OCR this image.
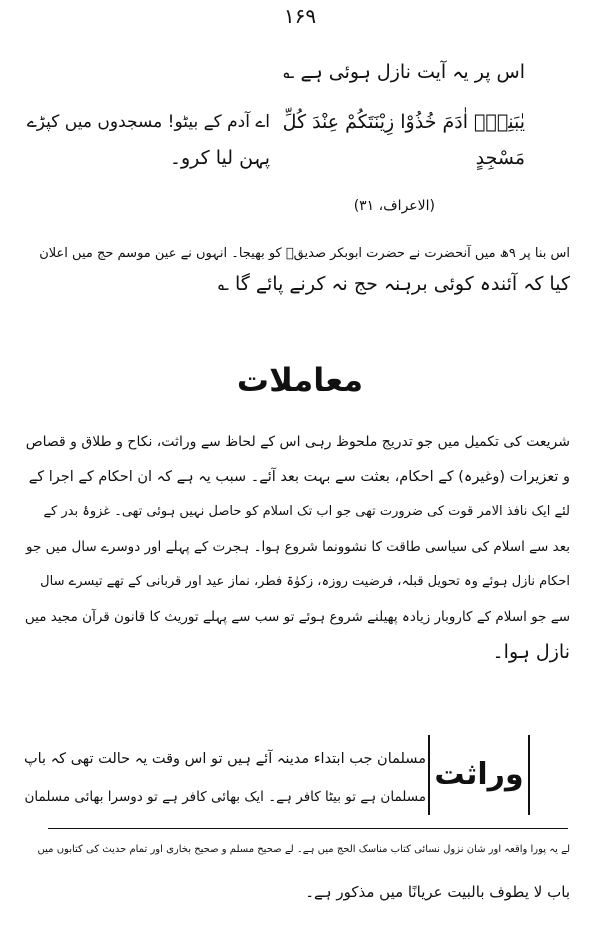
۱۶۹
اس پر یہ آیت نازل ہوئی ہے ؎
یٰبَنِیْۤ اٰدَمَ خُذُوْا زِیْنَتَكُمْ عِنْدَ كُلِّ
اے آدم کے بیٹو! مسجدوں میں کپڑے
مَسْجِدٍ
پہن لیا کرو۔
(الاعراف، ۳۱)
اس بنا پر ۹ھ میں آنحضرت نے حضرت ابوبکر صدیقؓ کو بھیجا۔ انہوں نے عین موسم حج میں اعلان
کیا کہ آئندہ کوئی برہنہ حج نہ کرنے پائے گا ؎
معاملات
شریعت کی تکمیل میں جو تدریج ملحوظ رہی اس کے لحاظ سے وراثت، نکاح و طلاق و قصاص
و تعزیرات (وغیرہ) کے احکام، بعثت سے بہت بعد آئے۔ سبب یہ ہے کہ ان احکام کے اجرا کے
لئے ایک نافذ الامر قوت کی ضرورت تھی جو اب تک اسلام کو حاصل نہیں ہوئی تھی۔ غزوۂ بدر کے
بعد سے اسلام کی سیاسی طاقت کا نشوونما شروع ہوا۔ ہجرت کے پہلے اور دوسرے سال میں جو
احکام نازل ہوئے وہ تحویل قبلہ، فرضیت روزہ، زکوٰۃ فطر، نماز عید اور قربانی کے تھے تیسرے سال
سے جو اسلام کے کاروبار زیادہ پھیلنے شروع ہوئے تو سب سے پہلے توریث کا قانون قرآن مجید میں
نازل ہوا۔
وراثت
مسلمان جب ابتداء مدینہ آئے ہیں تو اس وقت یہ حالت تھی کہ باپ
مسلمان ہے تو بیٹا کافر ہے۔ ایک بھائی کافر ہے تو دوسرا بھائی مسلمان
لے یہ پورا واقعہ اور شان نزول نسائی کتاب مناسک الحج میں ہے۔ لے صحیح مسلم و صحیح بخاری اور تمام حدیث کی کتابوں میں
باب لا یطوف بالبیت عریانًا میں مذکور ہے۔
